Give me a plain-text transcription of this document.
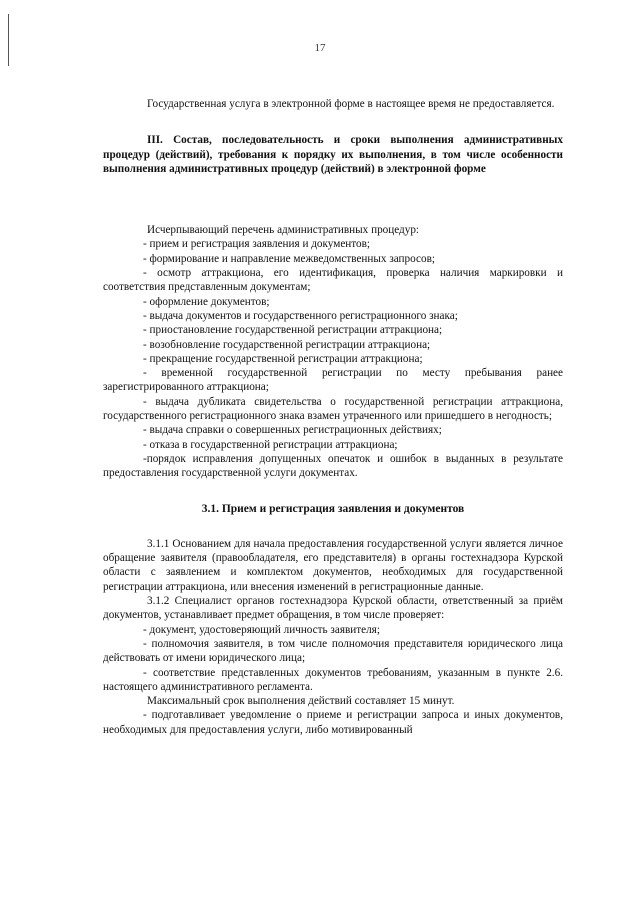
17

Государственная услуга в электронной форме в настоящее время не предоставляется.

III. Состав, последовательность и сроки выполнения административных процедур (действий), требования к порядку их выполнения, в том числе особенности выполнения административных процедур (действий) в электронной форме

Исчерпывающий перечень административных процедур:

- прием и регистрация заявления и документов;

- формирование и направление межведомственных запросов;

- осмотр аттракциона, его идентификация, проверка наличия маркировки и соответствия представленным документам;

- оформление документов;

- выдача документов и государственного регистрационного знака;

- приостановление государственной регистрации аттракциона;

- возобновление государственной регистрации аттракциона;

- прекращение государственной регистрации аттракциона;

- временной государственной регистрации по месту пребывания ранее зарегистрированного аттракциона;

- выдача дубликата свидетельства о государственной регистрации аттракциона, государственного регистрационного знака взамен утраченного или пришедшего в негодность;

- выдача справки о совершенных регистрационных действиях;

- отказа в государственной регистрации аттракциона;

-порядок исправления допущенных опечаток и ошибок в выданных в результате предоставления государственной услуги документах.

3.1. Прием и регистрация заявления и документов

3.1.1 Основанием для начала предоставления государственной услуги является личное обращение заявителя (правообладателя, его представителя) в органы гостехнадзора Курской области с заявлением и комплектом документов, необходимых для государственной регистрации аттракциона, или внесения изменений в регистрационные данные.

3.1.2 Специалист органов гостехнадзора Курской области, ответственный за приём документов, устанавливает предмет обращения, в том числе проверяет:

- документ, удостоверяющий личность заявителя;

- полномочия заявителя, в том числе полномочия представителя юридического лица действовать от имени юридического лица;

- соответствие представленных документов требованиям, указанным в пункте 2.6. настоящего административного регламента.

Максимальный срок выполнения действий составляет 15 минут.

- подготавливает уведомление о приеме и регистрации запроса и иных документов, необходимых для предоставления услуги, либо мотивированный
